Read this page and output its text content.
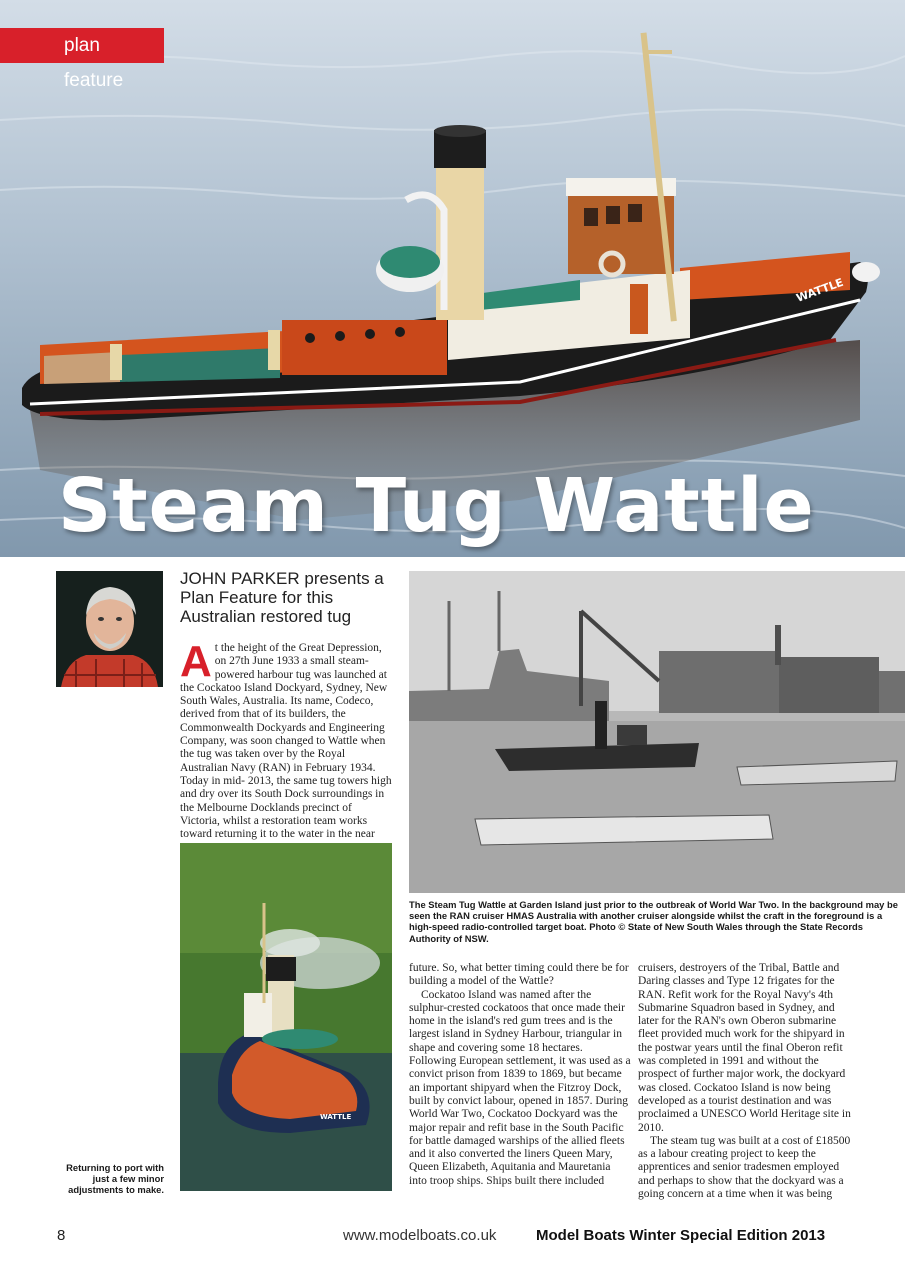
WATTLE
plan feature
Steam Tug Wattle
JOHN PARKER presents a Plan Feature for this Australian restored tug
At the height of the Great Depression, on 27th June 1933 a small steam-powered harbour tug was launched at the Cockatoo Island Dockyard, Sydney, New South Wales, Australia. Its name, Codeco, derived from that of its builders, the Commonwealth Dockyards and Engineering Company, was soon changed to Wattle when the tug was taken over by the Royal Australian Navy (RAN) in February 1934. Today in mid- 2013, the same tug towers high and dry over its South Dock surroundings in the Melbourne Docklands precinct of Victoria, whilst a restoration team works toward returning it to the water in the near
The Steam Tug Wattle at Garden Island just prior to the outbreak of World War Two. In the background may be seen the RAN cruiser HMAS Australia with another cruiser alongside whilst the craft in the foreground is a high-speed radio-controlled target boat. Photo © State of New South Wales through the State Records Authority of NSW.
WATTLE
Returning to port with just a few minor adjustments to make.

future. So, what better timing could there be for building a model of the Wattle?

Cockatoo Island was named after the sulphur-crested cockatoos that once made their home in the island's red gum trees and is the largest island in Sydney Harbour, triangular in shape and covering some 18 hectares. Following European settlement, it was used as a convict prison from 1839 to 1869, but became an important shipyard when the Fitzroy Dock, built by convict labour, opened in 1857. During World War Two, Cockatoo Dockyard was the major repair and refit base in the South Pacific for battle damaged warships of the allied fleets and it also converted the liners Queen Mary, Queen Elizabeth, Aquitania and Mauretania into troop ships. Ships built there included

cruisers, destroyers of the Tribal, Battle and Daring classes and Type 12 frigates for the RAN. Refit work for the Royal Navy's 4th Submarine Squadron based in Sydney, and later for the RAN's own Oberon submarine fleet provided much work for the shipyard in the postwar years until the final Oberon refit was completed in 1991 and without the prospect of further major work, the dockyard was closed. Cockatoo Island is now being developed as a tourist destination and was proclaimed a UNESCO World Heritage site in 2010.

The steam tug was built at a cost of £18500 as a labour creating project to keep the apprentices and senior tradesmen employed and perhaps to show that the dockyard was a going concern at a time when it was being

8	www.modelboats.co.uk	Model Boats Winter Special Edition 2013
